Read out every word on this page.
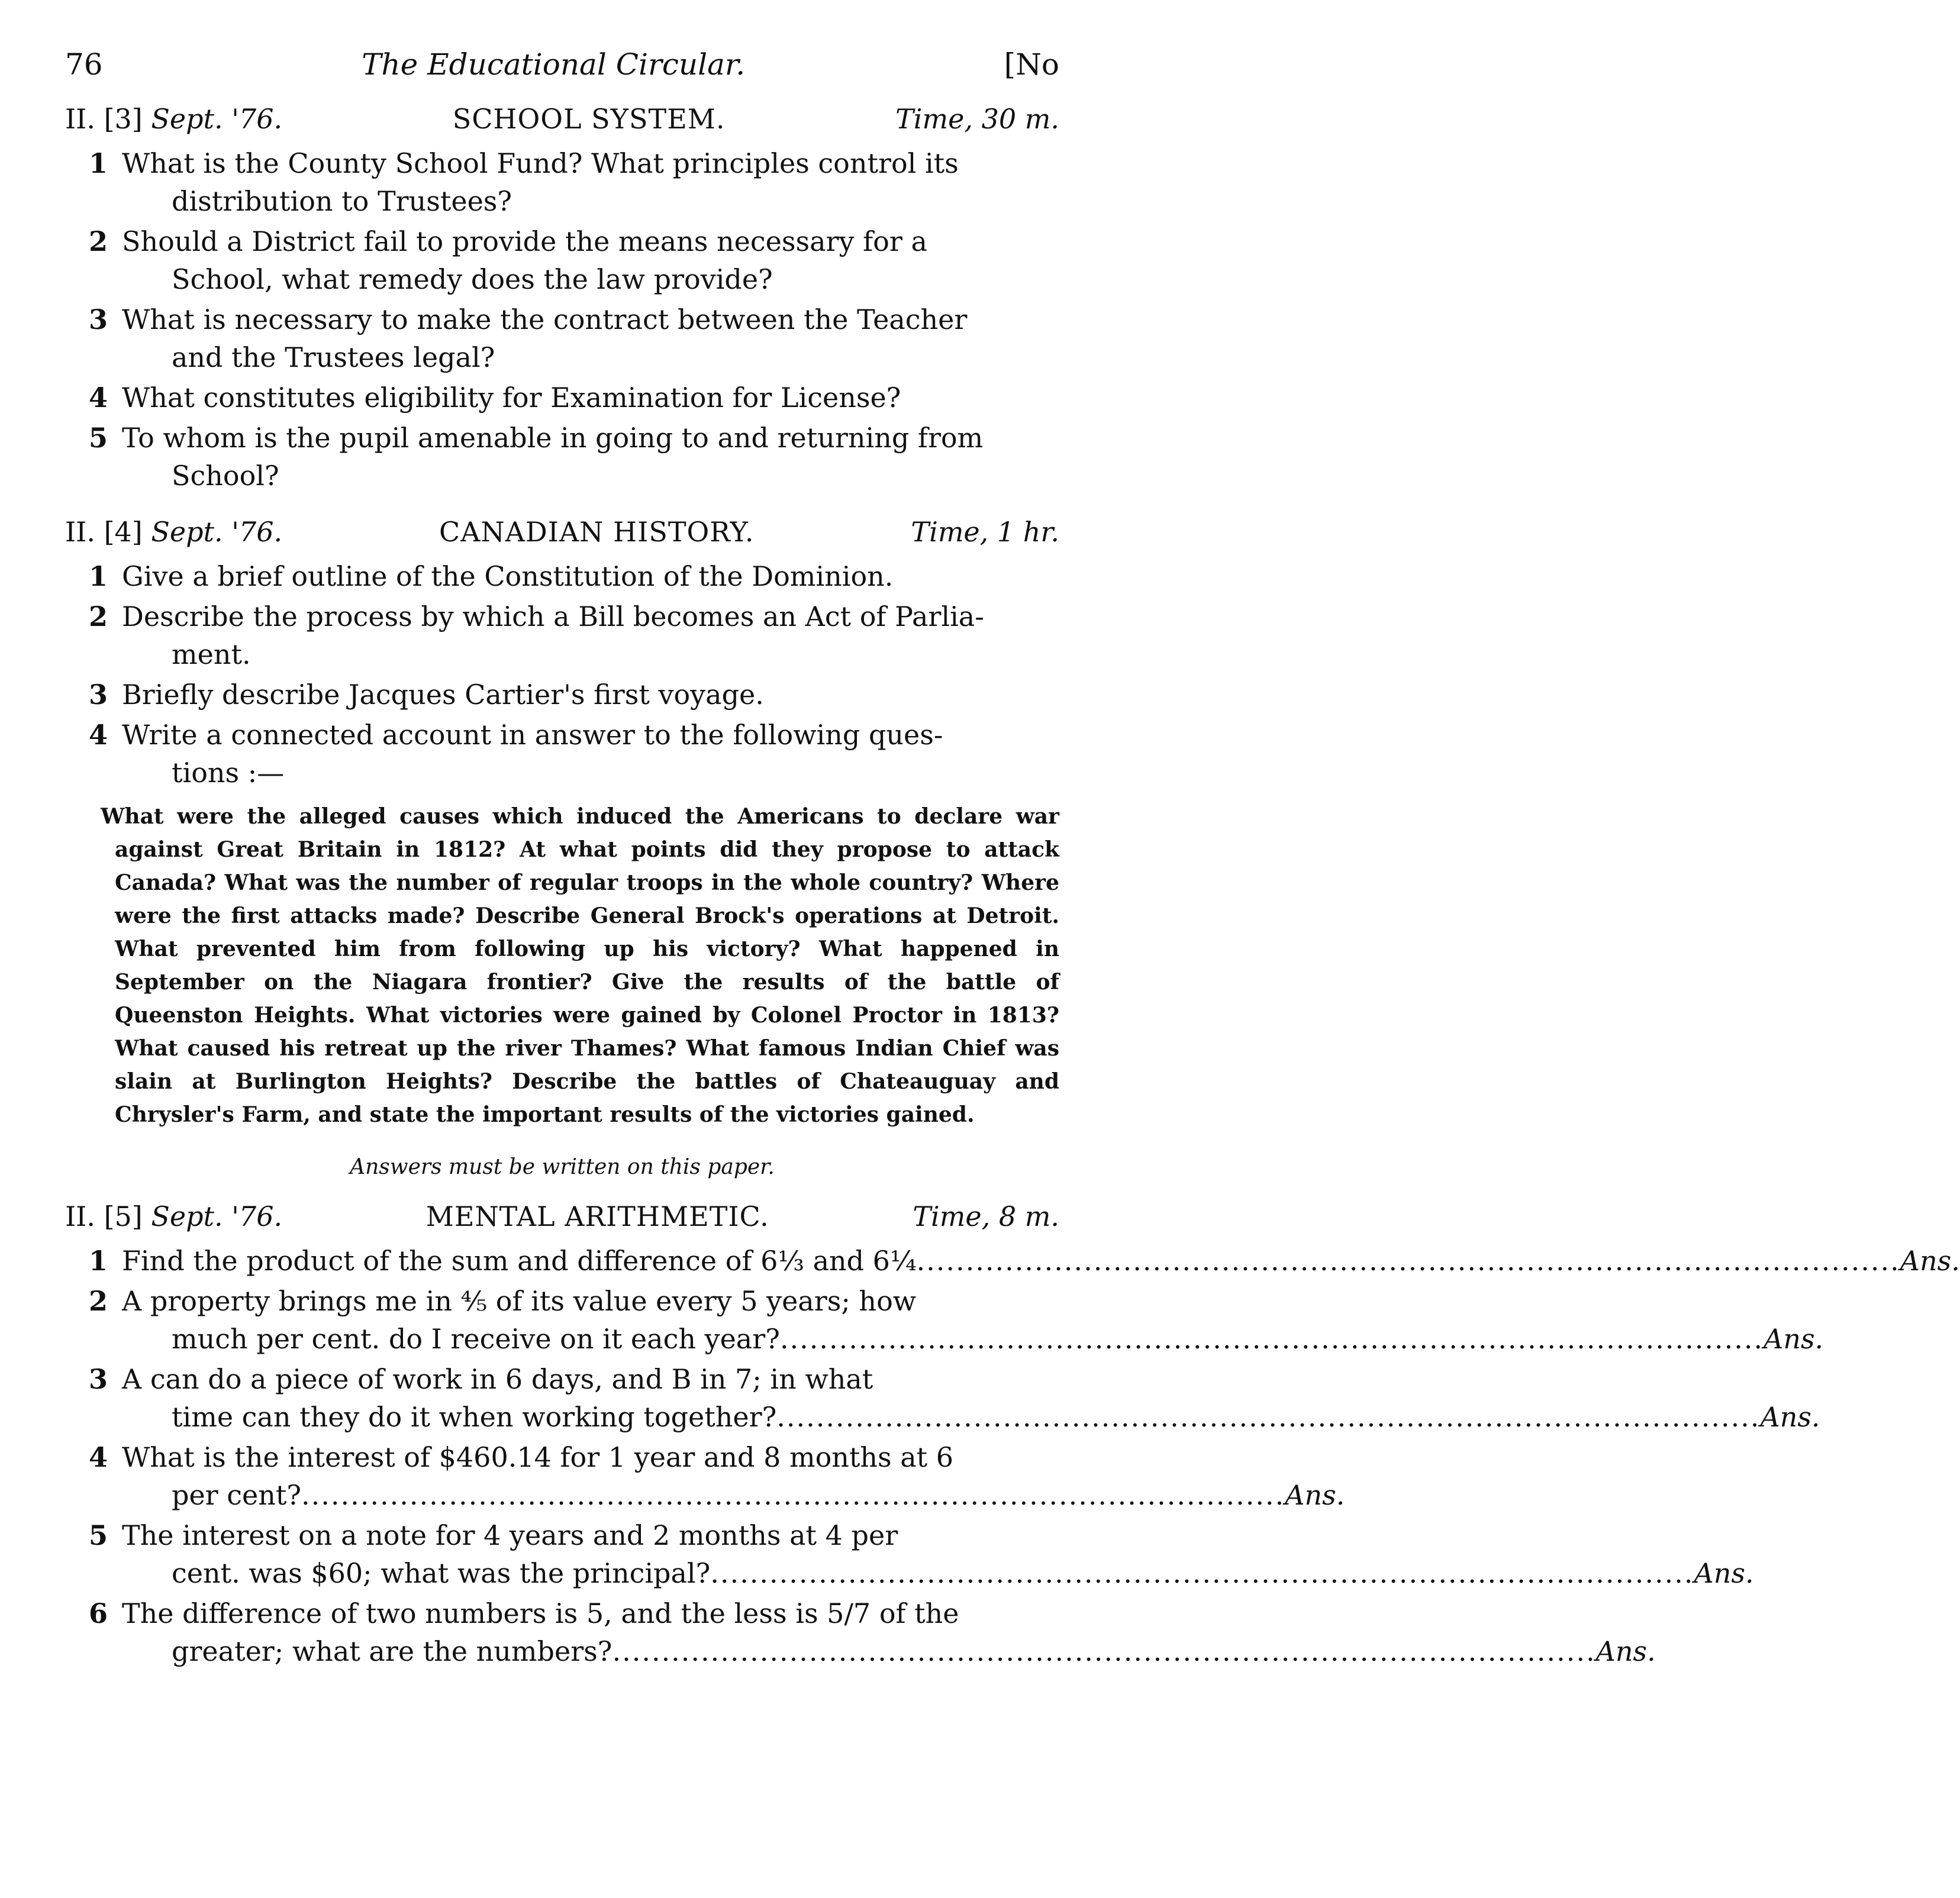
76	The Educational Circular.	[No
II. [3] Sept. '76.	SCHOOL SYSTEM.	Time, 30 m.
1 What is the County School Fund? What principles control its
distribution to Trustees?
2 Should a District fail to provide the means necessary for a
School, what remedy does the law provide?
3 What is necessary to make the contract between the Teacher
and the Trustees legal?
4 What constitutes eligibility for Examination for License?
5 To whom is the pupil amenable in going to and returning from
School?
II. [4] Sept. '76.	CANADIAN HISTORY.	Time, 1 hr.
1 Give a brief outline of the Constitution of the Dominion.
2 Describe the process by which a Bill becomes an Act of Parlia-
ment.
3 Briefly describe Jacques Cartier's first voyage.
4 Write a connected account in answer to the following ques-
tions :—

What were the alleged causes which induced the Americans to declare war against Great Britain in 1812? At what points did they propose to attack Canada? What was the number of regular troops in the whole country? Where were the first attacks made? Describe General Brock's operations at Detroit. What prevented him from following up his victory? What happened in September on the Niagara frontier? Give the results of the battle of Queenston Heights. What victories were gained by Colonel Proctor in 1813? What caused his retreat up the river Thames? What famous Indian Chief was slain at Burlington Heights? Describe the battles of Chateauguay and Chrysler's Farm, and state the important results of the victories gained.

Answers must be written on this paper.

II. [5] Sept. '76.	MENTAL ARITHMETIC.	Time, 8 m.
1 Find the product of the sum and difference of 6⅓ and 6¼ .................................................................................................... Ans.
2 A property brings me in ⅘ of its value every 5 years; how
much per cent. do I receive on it each year? .................................................................................................... Ans.
3 A can do a piece of work in 6 days, and B in 7; in what
time can they do it when working together? .................................................................................................... Ans.
4 What is the interest of $460.14 for 1 year and 8 months at 6
per cent? .................................................................................................... Ans.
5 The interest on a note for 4 years and 2 months at 4 per
cent. was $60; what was the principal? .................................................................................................... Ans.
6 The difference of two numbers is 5, and the less is 5/7 of the
greater; what are the numbers? .................................................................................................... Ans.
